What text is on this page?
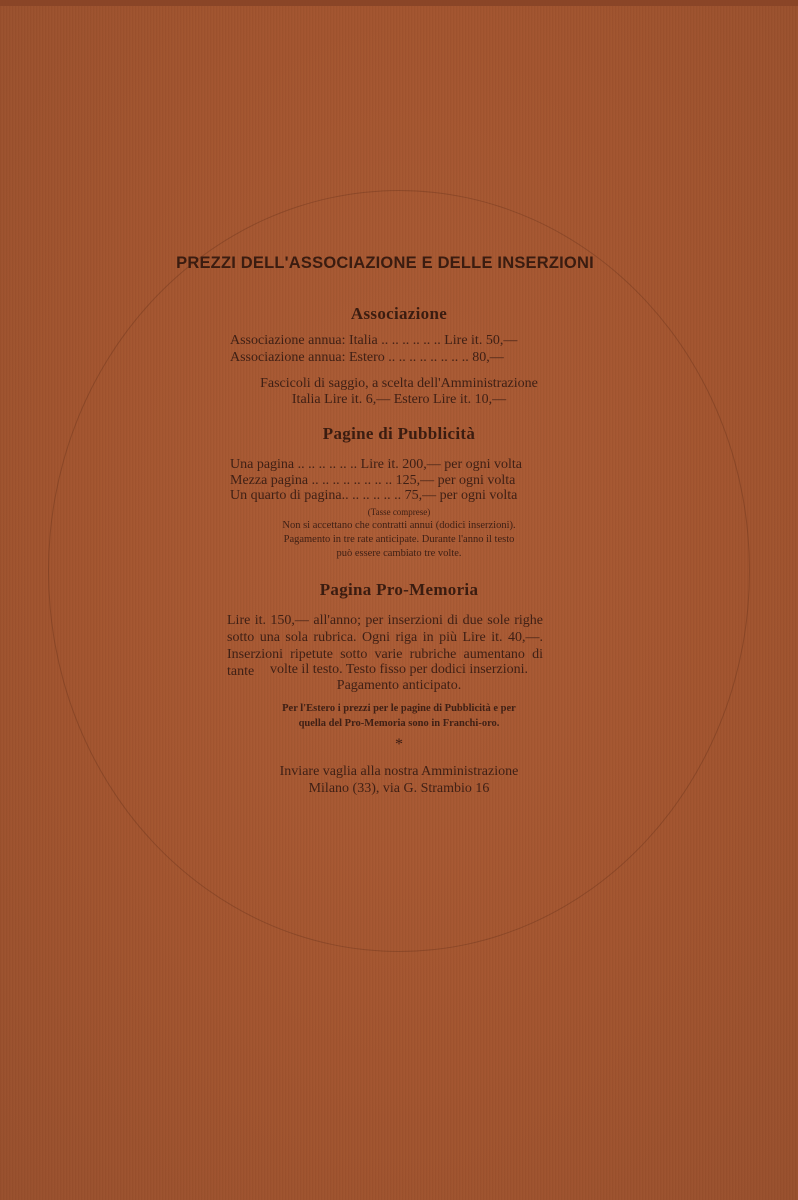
PREZZI DELL'ASSOCIAZIONE E DELLE INSERZIONI
Associazione
Associazione annua: Italia .. .. .. .. .. .. Lire it. 50,—
Associazione annua: Estero .. .. .. .. .. .. .. .. 80,—
Fascicoli di saggio, a scelta dell'Amministrazione
Italia Lire it. 6,— Estero Lire it. 10,—
Pagine di Pubblicità
Una pagina .. .. .. .. .. .. Lire it. 200,— per ogni volta
Mezza pagina .. .. .. .. .. .. .. .. 125,— per ogni volta
Un quarto di pagina.. .. .. .. .. .. 75,— per ogni volta
(Tasse comprese)
Non si accettano che contratti annui (dodici inserzioni).
Pagamento in tre rate anticipate. Durante l'anno il testo
può essere cambiato tre volte.
Pagina Pro-Memoria
Lire it. 150,— all'anno; per inserzioni di due sole righe sotto una sola rubrica. Ogni riga in più Lire it. 40,—. Inserzioni ripetute sotto varie rubriche aumentano di tante	volte il testo. Testo fisso per dodici inserzioni.
Pagamento anticipato.
Per l'Estero i prezzi per le pagine di Pubblicità e per
quella del Pro-Memoria sono in Franchi-oro.
*
Inviare vaglia alla nostra Amministrazione
Milano (33), via G. Strambio 16
